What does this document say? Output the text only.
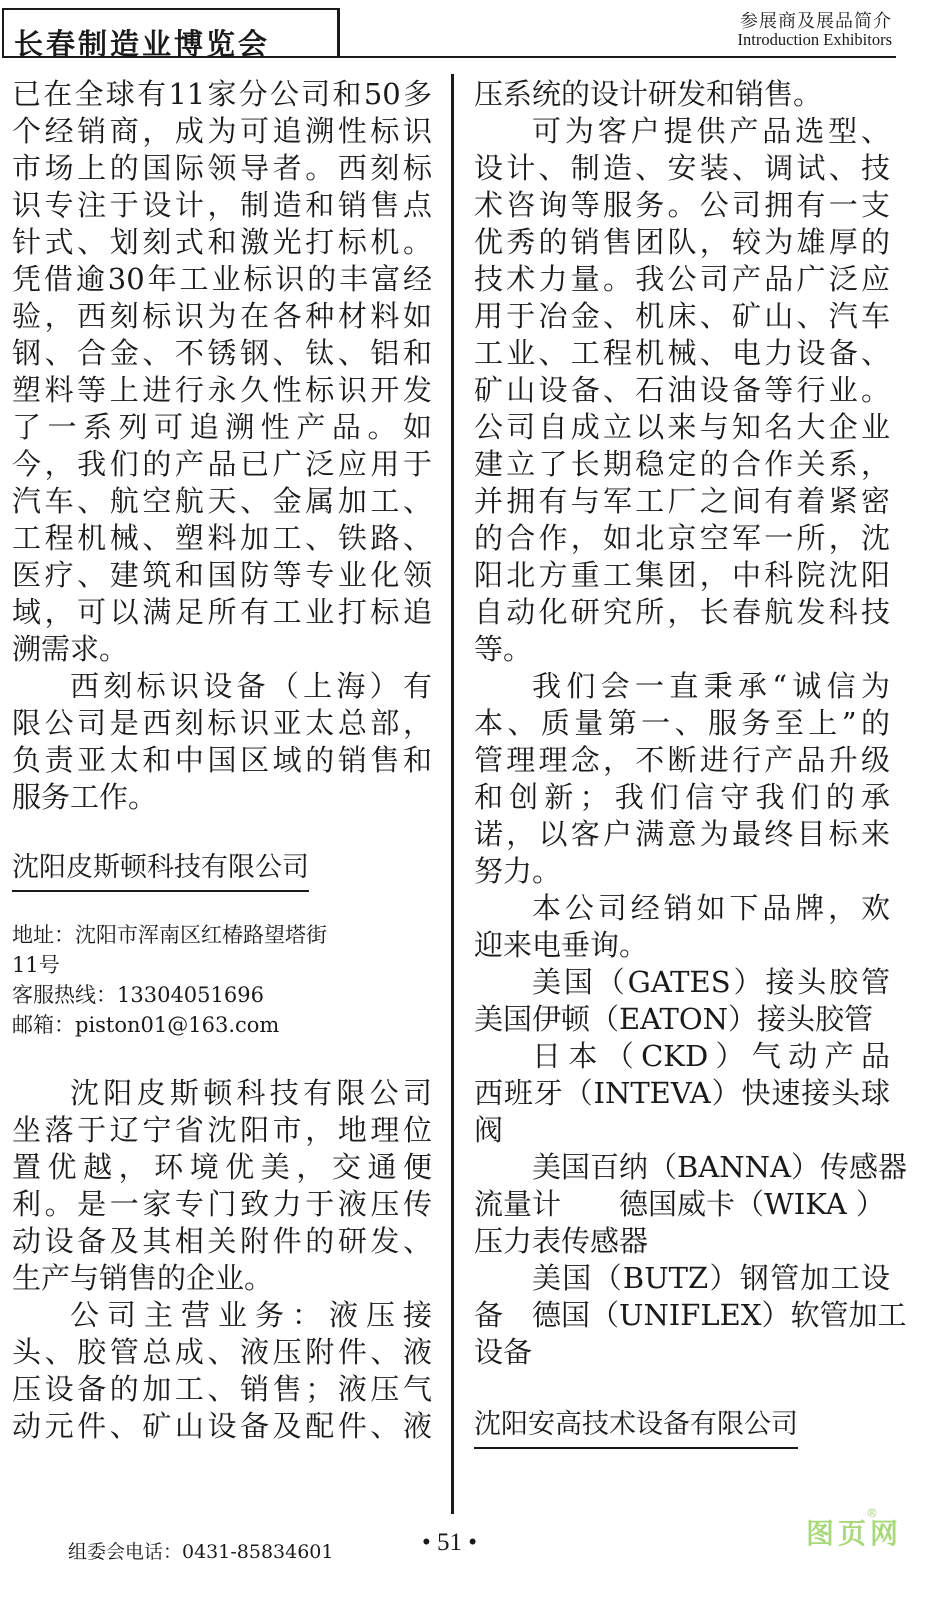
长春制造业博览会
参展商及展品简介
Introduction Exhibitors
已在全球有11家分公司和50多
个经销商，成为可追溯性标识
市场上的国际领导者。西刻标
识专注于设计，制造和销售点
针式、划刻式和激光打标机。
凭借逾30年工业标识的丰富经
验，西刻标识为在各种材料如
钢、合金、不锈钢、钛、铝和
塑料等上进行永久性标识开发
了一系列可追溯性产品。如
今，我们的产品已广泛应用于
汽车、航空航天、金属加工、
工程机械、塑料加工、铁路、
医疗、建筑和国防等专业化领
域，可以满足所有工业打标追
溯需求。
西刻标识设备（上海）有
限公司是西刻标识亚太总部，
负责亚太和中国区域的销售和
服务工作。
沈阳皮斯顿科技有限公司
地址：沈阳市浑南区红椿路望塔街
11号
客服热线：13304051696
邮箱：piston01@163.com
沈阳皮斯顿科技有限公司
坐落于辽宁省沈阳市，地理位
置优越，环境优美，交通便
利。是一家专门致力于液压传
动设备及其相关附件的研发、
生产与销售的企业。
公司主营业务：液压接
头、胶管总成、液压附件、液
压设备的加工、销售；液压气
动元件、矿山设备及配件、液
压系统的设计研发和销售。
可为客户提供产品选型、
设计、制造、安装、调试、技
术咨询等服务。公司拥有一支
优秀的销售团队，较为雄厚的
技术力量。我公司产品广泛应
用于冶金、机床、矿山、汽车
工业、工程机械、电力设备、
矿山设备、石油设备等行业。
公司自成立以来与知名大企业
建立了长期稳定的合作关系，
并拥有与军工厂之间有着紧密
的合作，如北京空军一所，沈
阳北方重工集团，中科院沈阳
自动化研究所，长春航发科技
等。
我们会一直秉承“诚信为
本、质量第一、服务至上”的
管理理念，不断进行产品升级
和创新；我们信守我们的承
诺，以客户满意为最终目标来
努力。
本公司经销如下品牌，欢
迎来电垂询。
美国（GATES）接头胶管
美国伊顿（EATON）接头胶管
日本（CKD）气动产品
西班牙（INTEVA）快速接头球
阀
美国百纳（BANNA）传感器
流量计　　德国威卡（WIKA ）
压力表传感器
美国（BUTZ）钢管加工设
备　德国（UNIFLEX）软管加工
设备
沈阳安高技术设备有限公司
组委会电话：0431-85834601	• 51 •	图页网
®
